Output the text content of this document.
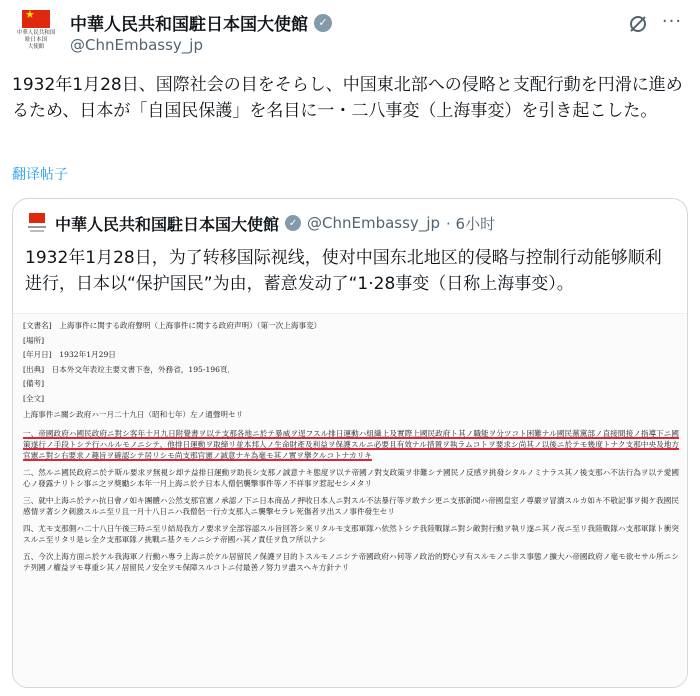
★
中華人民共和国
駐日本国
大使館
中華人民共和国駐日本国大使館 ✓
@ChnEmbassy_jp
···
1932年1月28日、国際社会の目をそらし、中国東北部への侵略と支配行動を円滑に進めるため、日本が「自国民保護」を名目に一・二八事変（上海事変）を引き起こした。
翻译帖子
中華人民共和国駐日本国大使館 ✓ @ChnEmbassy_jp · 6小时
1932年1月28日，为了转移国际视线，使对中国东北地区的侵略与控制行动能够顺利进行，日本以“保护国民”为由，蓄意发动了“1·28事变（日称上海事变）。
[文書名]　上海事件に関する政府聲明（上海事件に関する政府声明）（第一次上海事変）
[場所]
[年月日]　1932年1月29日
[出典]　日本外交年表竝主要文書下巻，外務省，195-196頁．
[備考]
[全文]
上海事件ニ關シ政府ハ一月二十九日（昭和七年）左ノ通聲明セリ
一、帝國政府ハ國民政府ニ對シ客年十月九日附覺書ヲ以テ支那各地ニ於テ暴威ヲ逞フスル排日運動ハ組織上及實際上國民政府ト其ノ職能ヲ分ツコト困難ナル國民黨黨部ノ直接間接ノ指導下ニ國策遂行ノ手段トシテ行ハルルモノニシテ、他排日運動ヲ取締リ並本邦人ノ生命財產及利益ヲ保護スルニ必要且有效ナル措置ヲ執ラムコトヲ要求シ尚其ノ以後ニ於テモ幾度トナク支那中央及地方官憲ニ對シ右要求ノ趣旨ヲ確認シテ居リシモ尚支那官憲ノ誠意ナキ為毫モ其ノ實ヲ擧クルコトナカリキ
二、然ルニ國民政府ニ於テ斯ル要求ヲ無視シ却テ益排日運動ヲ助長シ支那ノ誠意ナキ態度ヲ以テ帝國ノ對支政策ヲ非難シテ國民ノ反感ヲ挑發シタルノミナラス其ノ後支那ハ不法行為ヲ以テ愛國心ノ發露ナリトシ事ニ之ヲ獎勵シ本年一月上海ニ於テ日本人僧侶襲撃事件等ノ不祥事ヲ惹起セシメタリ
三、就中上海ニ於テハ抗日會ノ如キ團體ハ公然支那官憲ノ承認ノ下ニ日本商品ノ押收日本人ニ對スル不法暴行等ヲ敢テシ更ニ支那新聞ハ帝國皇室ノ尊嚴ヲ冒瀆スルカ如キ不敬記事ヲ掲ケ我國民感情ヲ著シク刺激スルニ至リ且一月十八日ニハ我僧侶一行カ支那人ニ襲撃セラレ死傷者ヲ出スノ事件發生セリ
四、尤モ支那側ハ二十八日午後三時ニ至リ結局我方ノ要求ヲ全部容認スル旨回答シ來リタルモ支那軍隊ハ依然トシテ我陸戰隊ニ對シ敵對行動ヲ執リ遂ニ其ノ夜ニ至リ我陸戰隊ハ支那軍隊ト衝突スルニ至リタリ是レ全ク支那軍隊ノ挑戰ニ基クモノニシテ帝國ハ其ノ責任ヲ負フ所以ナシ
五、今次上海方面ニ於ケル我海軍ノ行動ハ專ラ上海ニ於ケル居留民ノ保護ヲ目的トスルモノニシテ帝國政府ハ何等ノ政治的野心ヲ有スルモノニ非ス事態ノ擴大ハ帝國政府ノ毫モ欲セサル所ニシテ列國ノ權益ヲモ尊重シ其ノ居留民ノ安全ヲモ保障スルコトニ付最善ノ努力ヲ盡スヘキ方針ナリ
